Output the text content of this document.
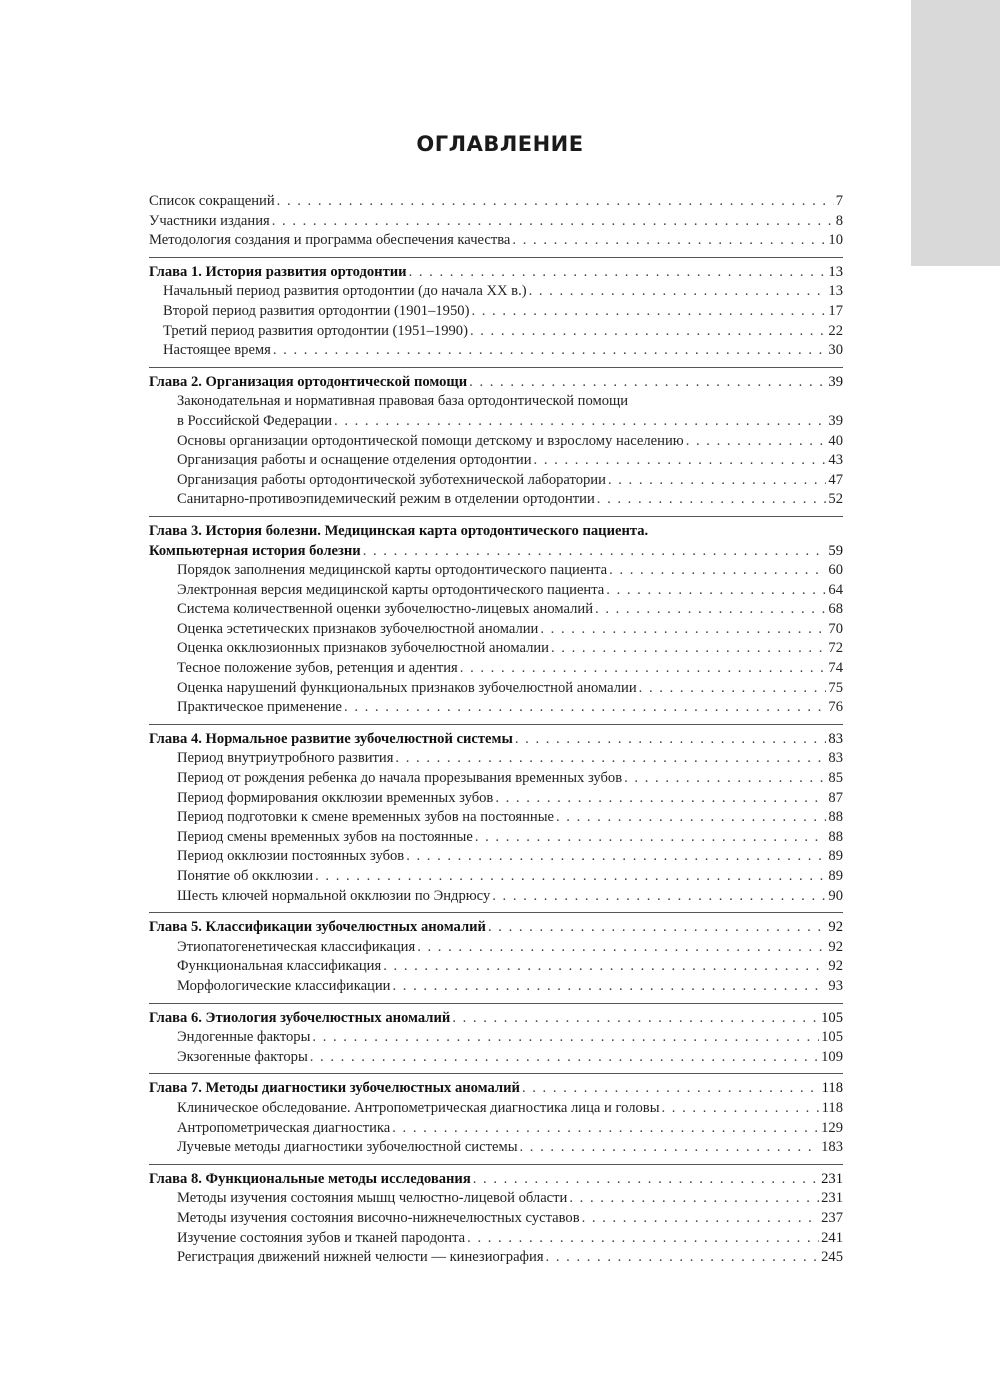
ОГЛАВЛЕНИЕ
Список сокращений . . .	7
Участники издания . . .	8
Методология создания и программа обеспечения качества . . .	10
Глава 1. История развития ортодонтии . . .	13
Начальный период развития ортодонтии (до начала XX в.) . . .	13
Второй период развития ортодонтии (1901–1950) . . .	17
Третий период развития ортодонтии (1951–1990) . . .	22
Настоящее время . . .	30
Глава 2. Организация ортодонтической помощи . . .	39
Законодательная и нормативная правовая база ортодонтической помощи
в Российской Федерации . . .	39
Основы организации ортодонтической помощи детскому и взрослому населению . . .	40
Организация работы и оснащение отделения ортодонтии . . .	43
Организация работы ортодонтической зуботехнической лаборатории . . .	47
Санитарно-противоэпидемический режим в отделении ортодонтии . . .	52
Глава 3. История болезни. Медицинская карта ортодонтического пациента.
Компьютерная история болезни . . .	59
Порядок заполнения медицинской карты ортодонтического пациента . . .	60
Электронная версия медицинской карты ортодонтического пациента . . .	64
Система количественной оценки зубочелюстно-лицевых аномалий . . .	68
Оценка эстетических признаков зубочелюстной аномалии . . .	70
Оценка окклюзионных признаков зубочелюстной аномалии . . .	72
Тесное положение зубов, ретенция и адентия . . .	74
Оценка нарушений функциональных признаков зубочелюстной аномалии . . .	75
Практическое применение . . .	76
Глава 4. Нормальное развитие зубочелюстной системы . . .	83
Период внутриутробного развития . . .	83
Период от рождения ребенка до начала прорезывания временных зубов . . .	85
Период формирования окклюзии временных зубов . . .	87
Период подготовки к смене временных зубов на постоянные . . .	88
Период смены временных зубов на постоянные . . .	88
Период окклюзии постоянных зубов . . .	89
Понятие об окклюзии . . .	89
Шесть ключей нормальной окклюзии по Эндрюсу . . .	90
Глава 5. Классификации зубочелюстных аномалий . . .	92
Этиопатогенетическая классификация . . .	92
Функциональная классификация . . .	92
Морфологические классификации . . .	93
Глава 6. Этиология зубочелюстных аномалий . . .	105
Эндогенные факторы . . .	105
Экзогенные факторы . . .	109
Глава 7. Методы диагностики зубочелюстных аномалий . . .	118
Клиническое обследование. Антропометрическая диагностика лица и головы . . .	118
Антропометрическая диагностика . . .	129
Лучевые методы диагностики зубочелюстной системы . . .	183
Глава 8. Функциональные методы исследования . . .	231
Методы изучения состояния мышц челюстно-лицевой области . . .	231
Методы изучения состояния височно-нижнечелюстных суставов . . .	237
Изучение состояния зубов и тканей пародонта . . .	241
Регистрация движений нижней челюсти — кинезиография . . .	245
